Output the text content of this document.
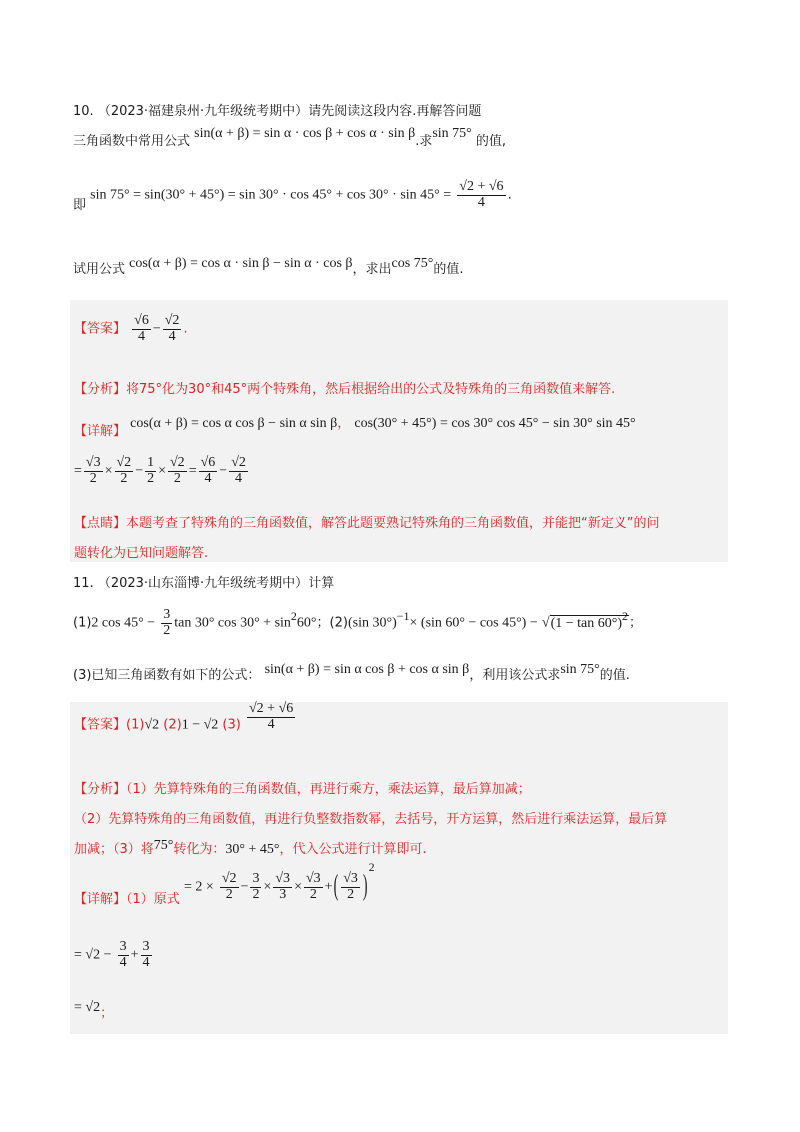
10. （2023·福建泉州·九年级统考期中）请先阅读这段内容.再解答问题
三角函数中常用公式 sin(α + β) = sin α · cos β + cos α · sin β.求sin 75° 的值,
即 $\sin 75^\circ = \sin(30^\circ + 45^\circ) = \sin 30^\circ \cdot \cos 45^\circ + \cos 30^\circ \cdot \sin 45^\circ = \frac{√2 + √6}{4}$ .
试用公式 cos(α + β) = cos α · sin β − sin α · cos β，求出cos 75°的值.
【答案】 $\frac{√6}{4} - \frac{√2}{4}$ .
【分析】将75°化为30°和45°两个特殊角，然后根据给出的公式及特殊角的三角函数值来解答.
【详解】 cos(α + β) = cos α cos β − sin α sin β， cos(30° + 45°) = cos 30° cos 45° − sin 30° sin 45°
= $\frac{√3}{2} \times \frac{√2}{2} - \frac{1}{2} \times \frac{√2}{2} = \frac{√6}{4} - \frac{√2}{4}$
【点睛】本题考查了特殊角的三角函数值，解答此题要熟记特殊角的三角函数值，并能把“新定义”的问
题转化为已知问题解答.
11. （2023·山东淄博·九年级统考期中）计算
(1)2 $\cos 45^\circ - \frac{3}{2}$ tan 30° cos 30° + sin260°；(2)(sin 30°)−1× (sin 60° − cos 45°) − √(1 − tan 60°)2；
(3)已知三角函数有如下的公式： sin(α + β) = sin α cos β + cos α sin β，利用该公式求sin 75°的值.
【答案】(1)√2 (2)1 − √2 $(3) \frac{√2 + √6}{4}$
【分析】（1）先算特殊角的三角函数值，再进行乘方，乘法运算，最后算加减；
（2）先算特殊角的三角函数值，再进行负整数指数幂，去括号，开方运算，然后进行乘法运算，最后算
加减；（3）将75°转化为：30° + 45°，代入公式进行计算即可.
【详解】（1）原式 = $2 \times \frac{√2}{2} - \frac{3}{2} \times \frac{√3}{3} \times \frac{√3}{2}$ +( $\frac{√3}{2} )2$
= $√2 - \frac{3}{4} + \frac{3}{4}$
= √2；
